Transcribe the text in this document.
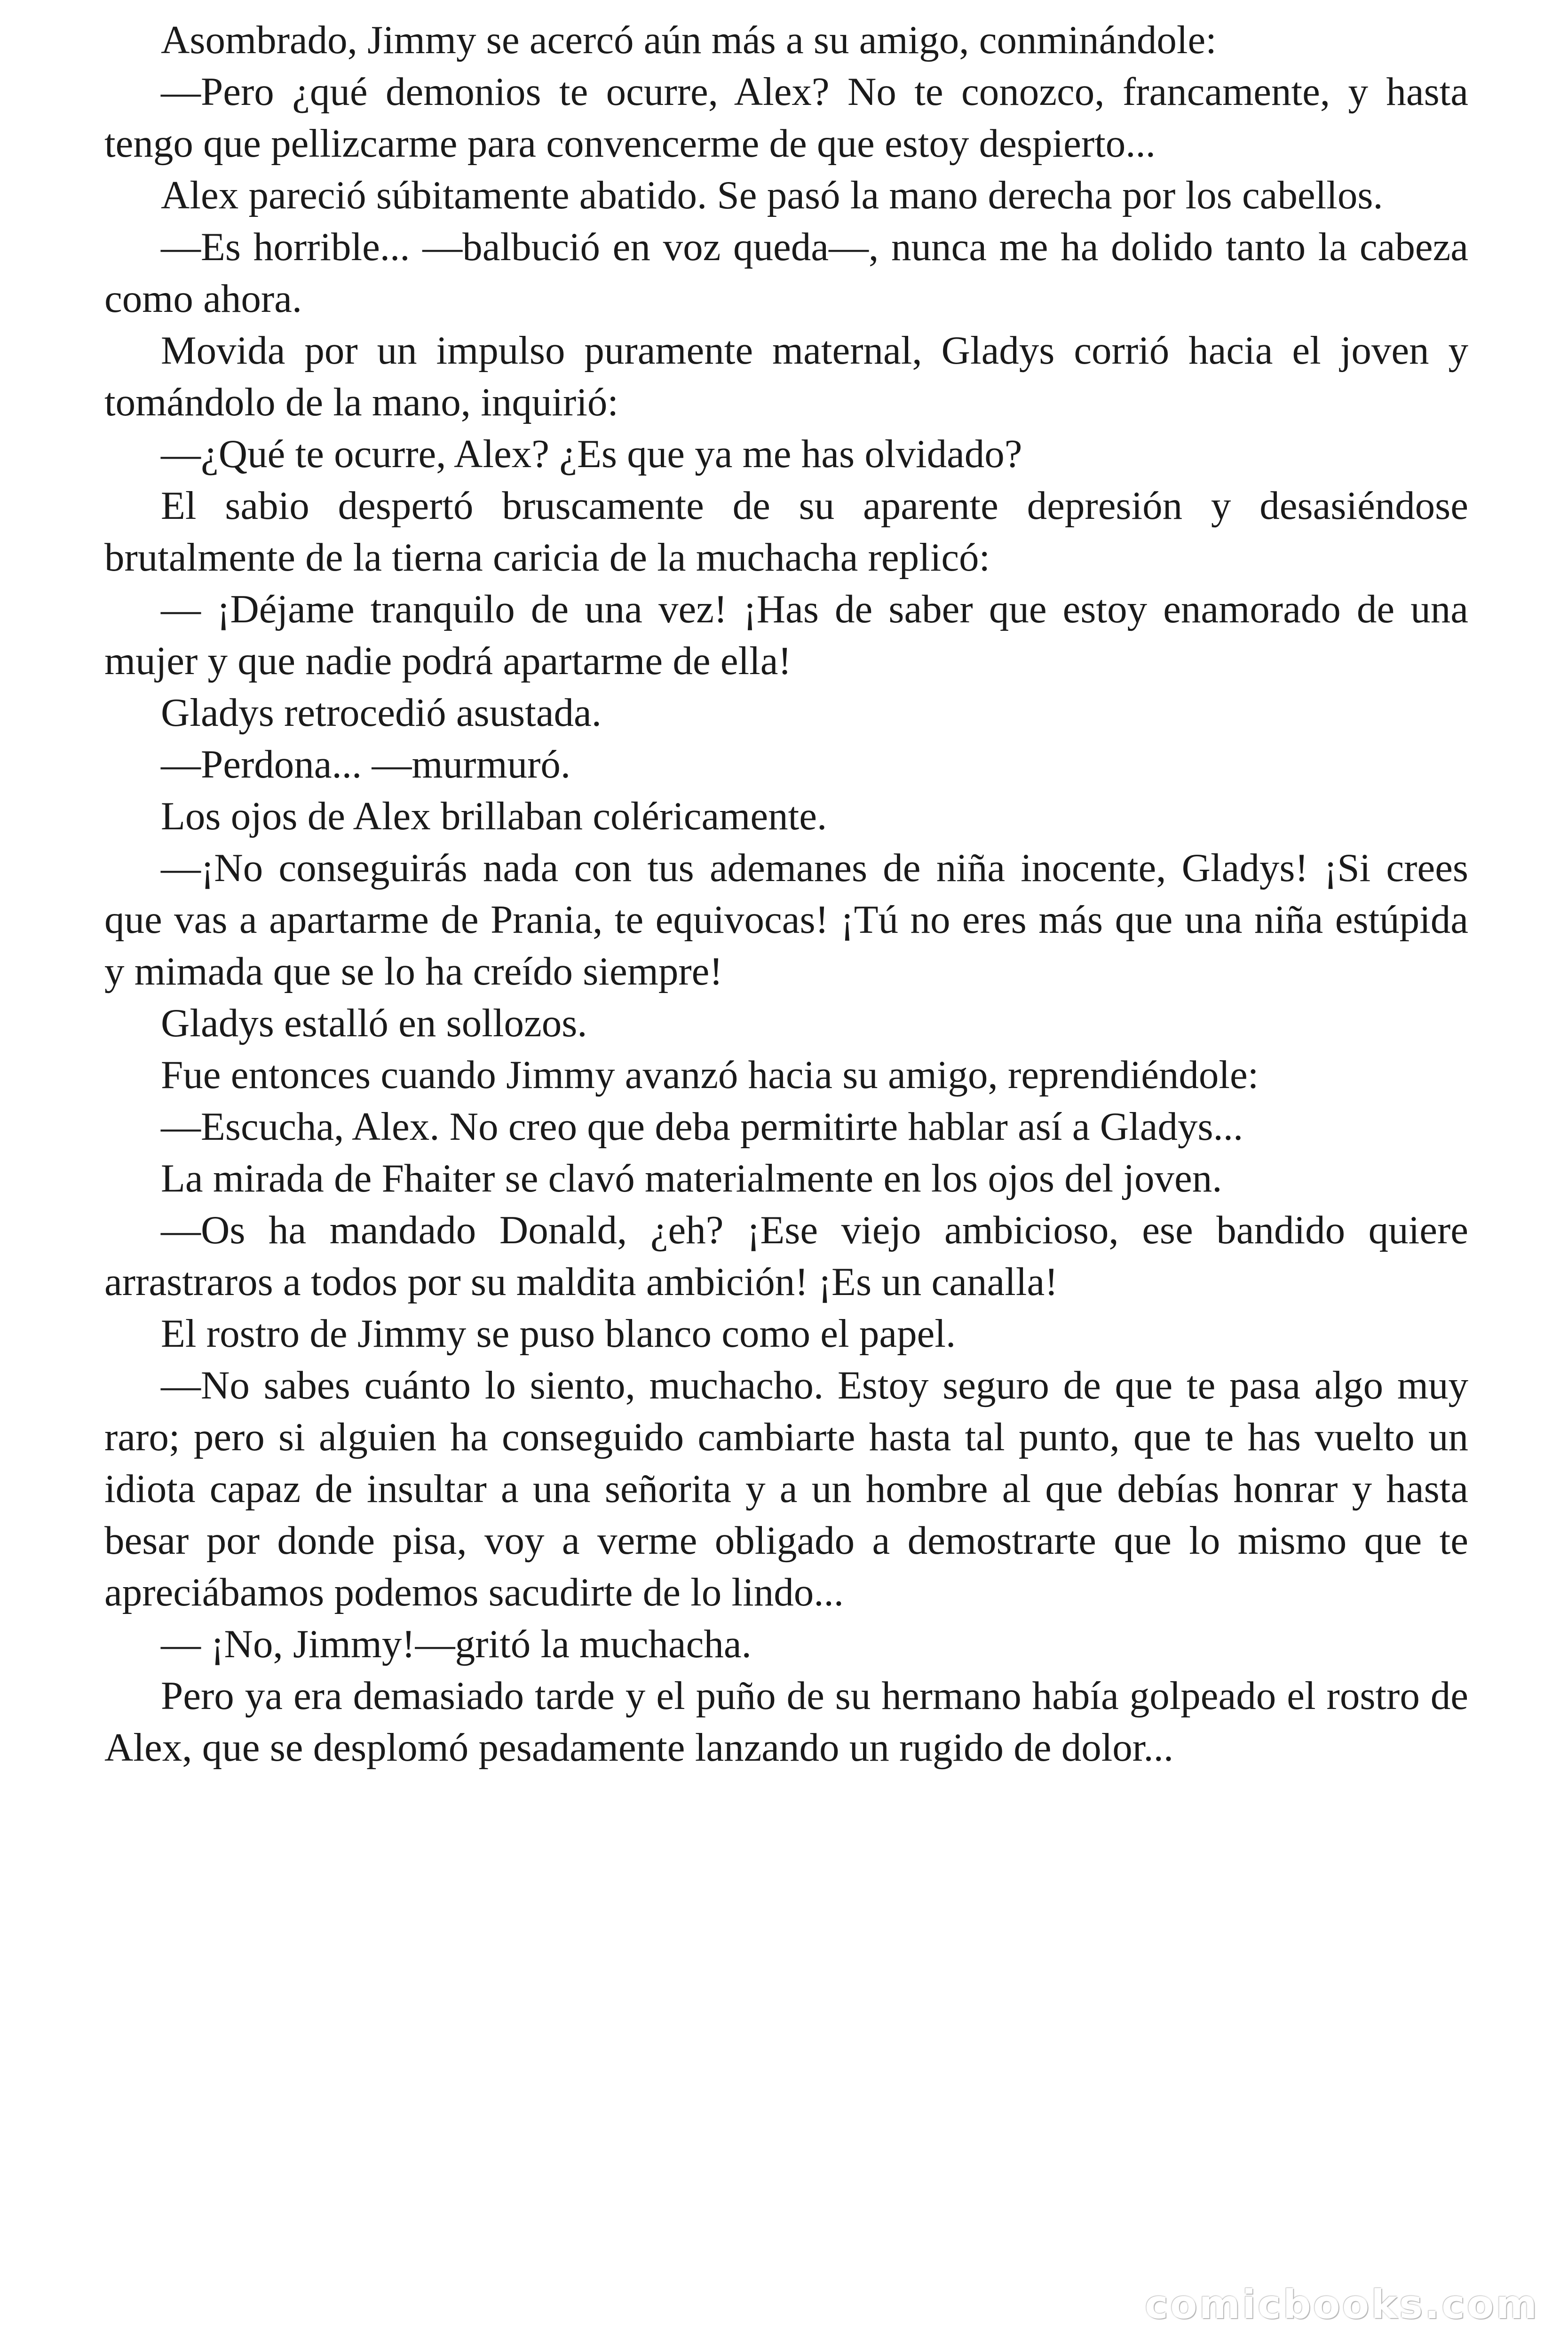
Asombrado, Jimmy se acercó aún más a su amigo, conminándole:

—Pero ¿qué demonios te ocurre, Alex? No te conozco, francamente, y hasta tengo que pellizcarme para convencerme de que estoy despierto...

Alex pareció súbitamente abatido. Se pasó la mano derecha por los cabellos.

—Es horrible... —balbució en voz queda—, nunca me ha dolido tanto la cabeza como ahora.

Movida por un impulso puramente maternal, Gladys corrió hacia el joven y tomándolo de la mano, inquirió:

—¿Qué te ocurre, Alex? ¿Es que ya me has olvidado?

El sabio despertó bruscamente de su aparente depresión y desasiéndose brutalmente de la tierna caricia de la muchacha replicó:

— ¡Déjame tranquilo de una vez! ¡Has de saber que estoy enamorado de una mujer y que nadie podrá apartarme de ella!

Gladys retrocedió asustada.

—Perdona... —murmuró.

Los ojos de Alex brillaban coléricamente.

—¡No conseguirás nada con tus ademanes de niña inocente, Gladys! ¡Si crees que vas a apartarme de Prania, te equivocas! ¡Tú no eres más que una niña estúpida y mimada que se lo ha creído siempre!

Gladys estalló en sollozos.

Fue entonces cuando Jimmy avanzó hacia su amigo, reprendiéndole:

—Escucha, Alex. No creo que deba permitirte hablar así a Gladys...

La mirada de Fhaiter se clavó materialmente en los ojos del joven.

—Os ha mandado Donald, ¿eh? ¡Ese viejo ambicioso, ese bandido quiere arrastraros a todos por su maldita ambición! ¡Es un canalla!

El rostro de Jimmy se puso blanco como el papel.

—No sabes cuánto lo siento, muchacho. Estoy seguro de que te pasa algo muy raro; pero si alguien ha conseguido cambiarte hasta tal punto, que te has vuelto un idiota capaz de insultar a una señorita y a un hombre al que debías honrar y hasta besar por donde pisa, voy a verme obligado a demostrarte que lo mismo que te apreciábamos podemos sacudirte de lo lindo...

— ¡No, Jimmy!—gritó la muchacha.

Pero ya era demasiado tarde y el puño de su hermano había golpeado el rostro de Alex, que se desplomó pesadamente lanzando un rugido de dolor...

comicbooks.com
